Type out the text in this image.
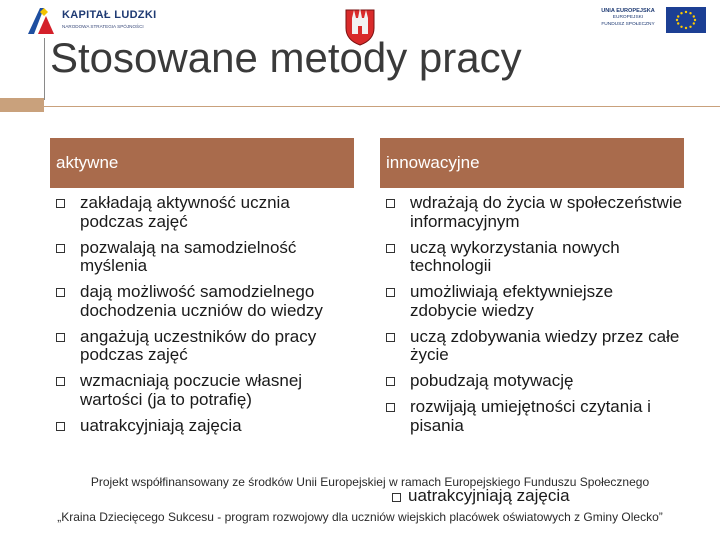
KAPITAŁ LUDZKI
NARODOWA STRATEGIA SPÓJNOŚCI
UNIA EUROPEJSKA
EUROPEJSKI
FUNDUSZ SPOŁECZNY
Stosowane metody pracy
aktywne	innowacyjne
zakładają aktywność ucznia podczas zajęć
pozwalają na samodzielność myślenia
dają możliwość samodzielnego dochodzenia uczniów do wiedzy
angażują uczestników do pracy podczas zajęć
wzmacniają poczucie własnej wartości (ja to potrafię)
uatrakcyjniają zajęcia
wdrażają do życia w społeczeństwie informacyjnym
uczą wykorzystania nowych technologii
umożliwiają efektywniejsze zdobycie wiedzy
uczą zdobywania wiedzy przez całe życie
pobudzają motywację
rozwijają umiejętności czytania i pisania
uatrakcyjniają zajęcia
Projekt współfinansowany ze środków Unii Europejskiej w ramach Europejskiego Funduszu Społecznego
„Kraina Dziecięcego Sukcesu - program rozwojowy dla uczniów wiejskich placówek oświatowych z Gminy Olecko”
